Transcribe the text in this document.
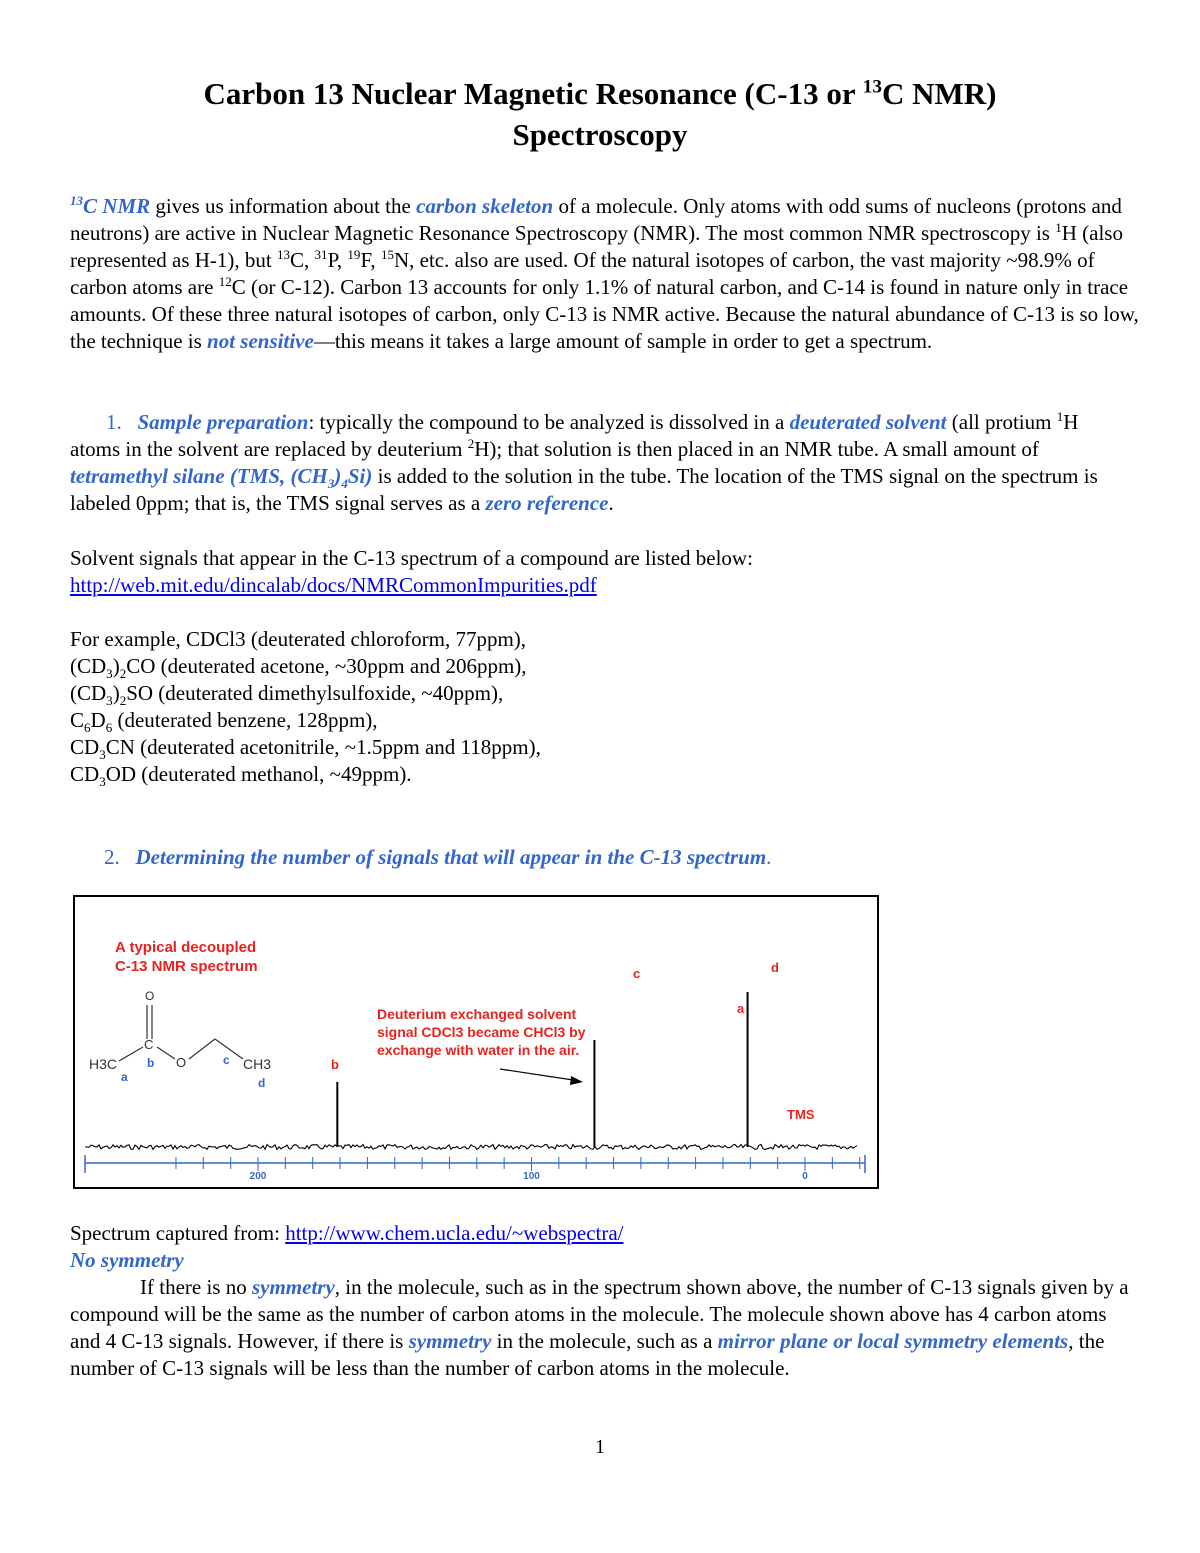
Carbon 13 Nuclear Magnetic Resonance (C-13 or $^{13}$C NMR)
Spectroscopy
$^{13}$C NMR gives us information about the carbon skeleton of a molecule. Only atoms with odd sums of nucleons (protons and neutrons) are active in Nuclear Magnetic Resonance Spectroscopy (NMR). The most common NMR spectroscopy is $^1$H (also represented as H-1), but $^{13}$C, $^{31}$P, $^{19}$F, $^{15}$N, etc. also are used. Of the natural isotopes of carbon, the vast majority ~98.9% of carbon atoms are $^{12}$C (or C-12). Carbon 13 accounts for only 1.1% of natural carbon, and C-14 is found in nature only in trace amounts. Of these three natural isotopes of carbon, only C-13 is NMR active. Because the natural abundance of C-13 is so low, the technique is not sensitive—this means it takes a large amount of sample in order to get a spectrum.
1. Sample preparation: typically the compound to be analyzed is dissolved in a deuterated solvent (all protium $^1$H atoms in the solvent are replaced by deuterium $^2$H); that solution is then placed in an NMR tube. A small amount of tetramethyl silane (TMS, $(CH_3)_4Si$) is added to the solution in the tube. The location of the TMS signal on the spectrum is labeled 0ppm; that is, the TMS signal serves as a zero reference.
Solvent signals that appear in the C-13 spectrum of a compound are listed below:
http://web.mit.edu/dincalab/docs/NMRCommonImpurities.pdf
For example, CDCl3 (deuterated chloroform, 77ppm),
$(CD_3)_2CO$ (deuterated acetone, ~30ppm and 206ppm),
$(CD_3)_2SO$ (deuterated dimethylsulfoxide, ~40ppm),
$C_6D_6$ (deuterated benzene, 128ppm),
$CD_3CN$ (deuterated acetonitrile, ~1.5ppm and 118ppm),
$CD_3OD$ (deuterated methanol, ~49ppm).
2. Determining the number of signals that will appear in the C-13 spectrum.
A typical decoupled
C-13 NMR spectrum
O
H3C
C
O	CH3
a
b	c
d
Deuterium exchanged solvent
signal CDCl3 became CHCl3 by
exchange with water in the air.
b
c	d
a
TMS
200	100	0
Spectrum captured from: http://www.chem.ucla.edu/~webspectra/
No symmetry
If there is no symmetry, in the molecule, such as in the spectrum shown above, the number of C-13 signals given by a compound will be the same as the number of carbon atoms in the molecule. The molecule shown above has 4 carbon atoms and 4 C-13 signals. However, if there is symmetry in the molecule, such as a mirror plane or local symmetry elements, the number of C-13 signals will be less than the number of carbon atoms in the molecule.
1
